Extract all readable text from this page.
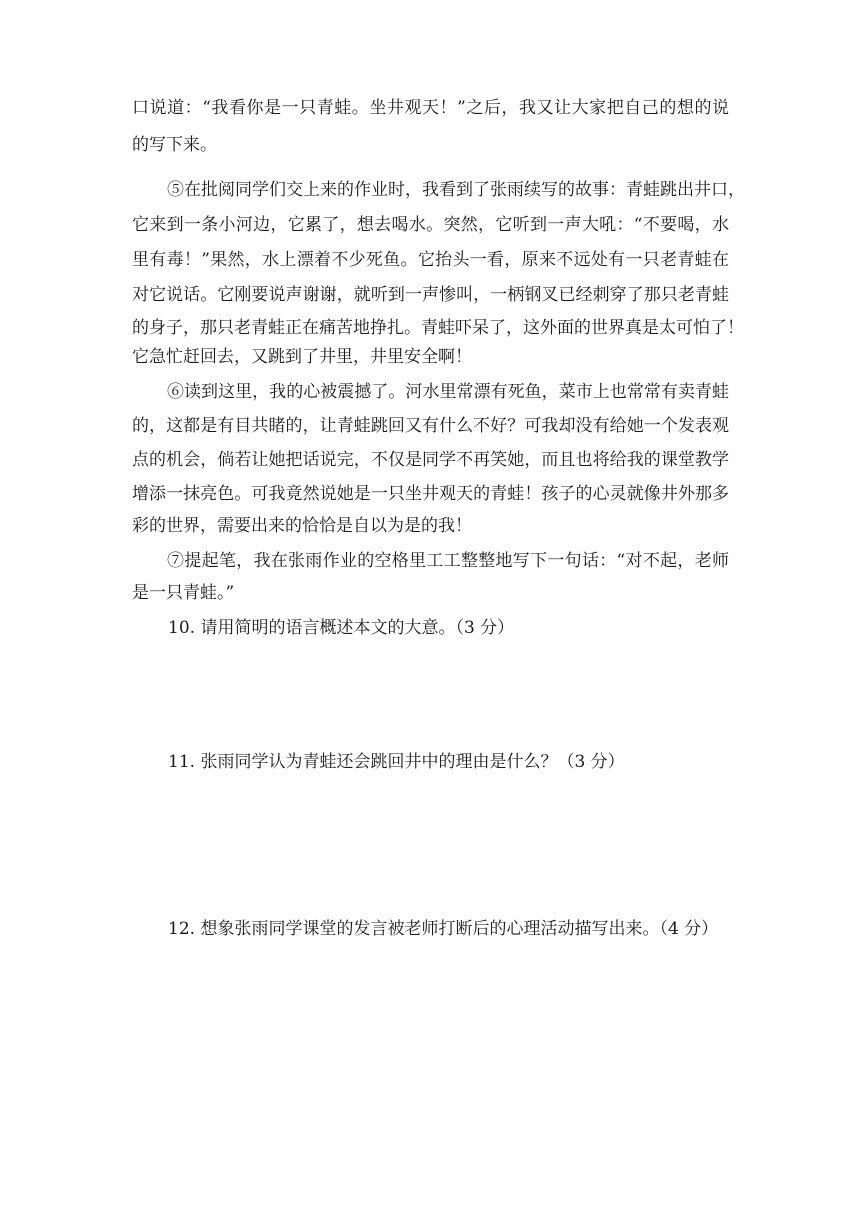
口说道：“我看你是一只青蛙。坐井观天！”之后，我又让大家把自己的想的说
的写下来。
⑤在批阅同学们交上来的作业时，我看到了张雨续写的故事：青蛙跳出井口，
它来到一条小河边，它累了，想去喝水。突然，它听到一声大吼：“不要喝，水
里有毒！”果然，水上漂着不少死鱼。它抬头一看，原来不远处有一只老青蛙在
对它说话。它刚要说声谢谢，就听到一声惨叫，一柄钢叉已经刺穿了那只老青蛙
的身子，那只老青蛙正在痛苦地挣扎。青蛙吓呆了，这外面的世界真是太可怕了！
它急忙赶回去，又跳到了井里，井里安全啊！
⑥读到这里，我的心被震撼了。河水里常漂有死鱼，菜市上也常常有卖青蛙
的，这都是有目共睹的，让青蛙跳回又有什么不好？可我却没有给她一个发表观
点的机会，倘若让她把话说完，不仅是同学不再笑她，而且也将给我的课堂教学
增添一抹亮色。可我竟然说她是一只坐井观天的青蛙！孩子的心灵就像井外那多
彩的世界，需要出来的恰恰是自以为是的我！
⑦提起笔，我在张雨作业的空格里工工整整地写下一句话：“对不起，老师
是一只青蛙。”
10. 请用简明的语言概述本文的大意。（3 分）
11. 张雨同学认为青蛙还会跳回井中的理由是什么？（3 分）
12. 想象张雨同学课堂的发言被老师打断后的心理活动描写出来。（4 分）
